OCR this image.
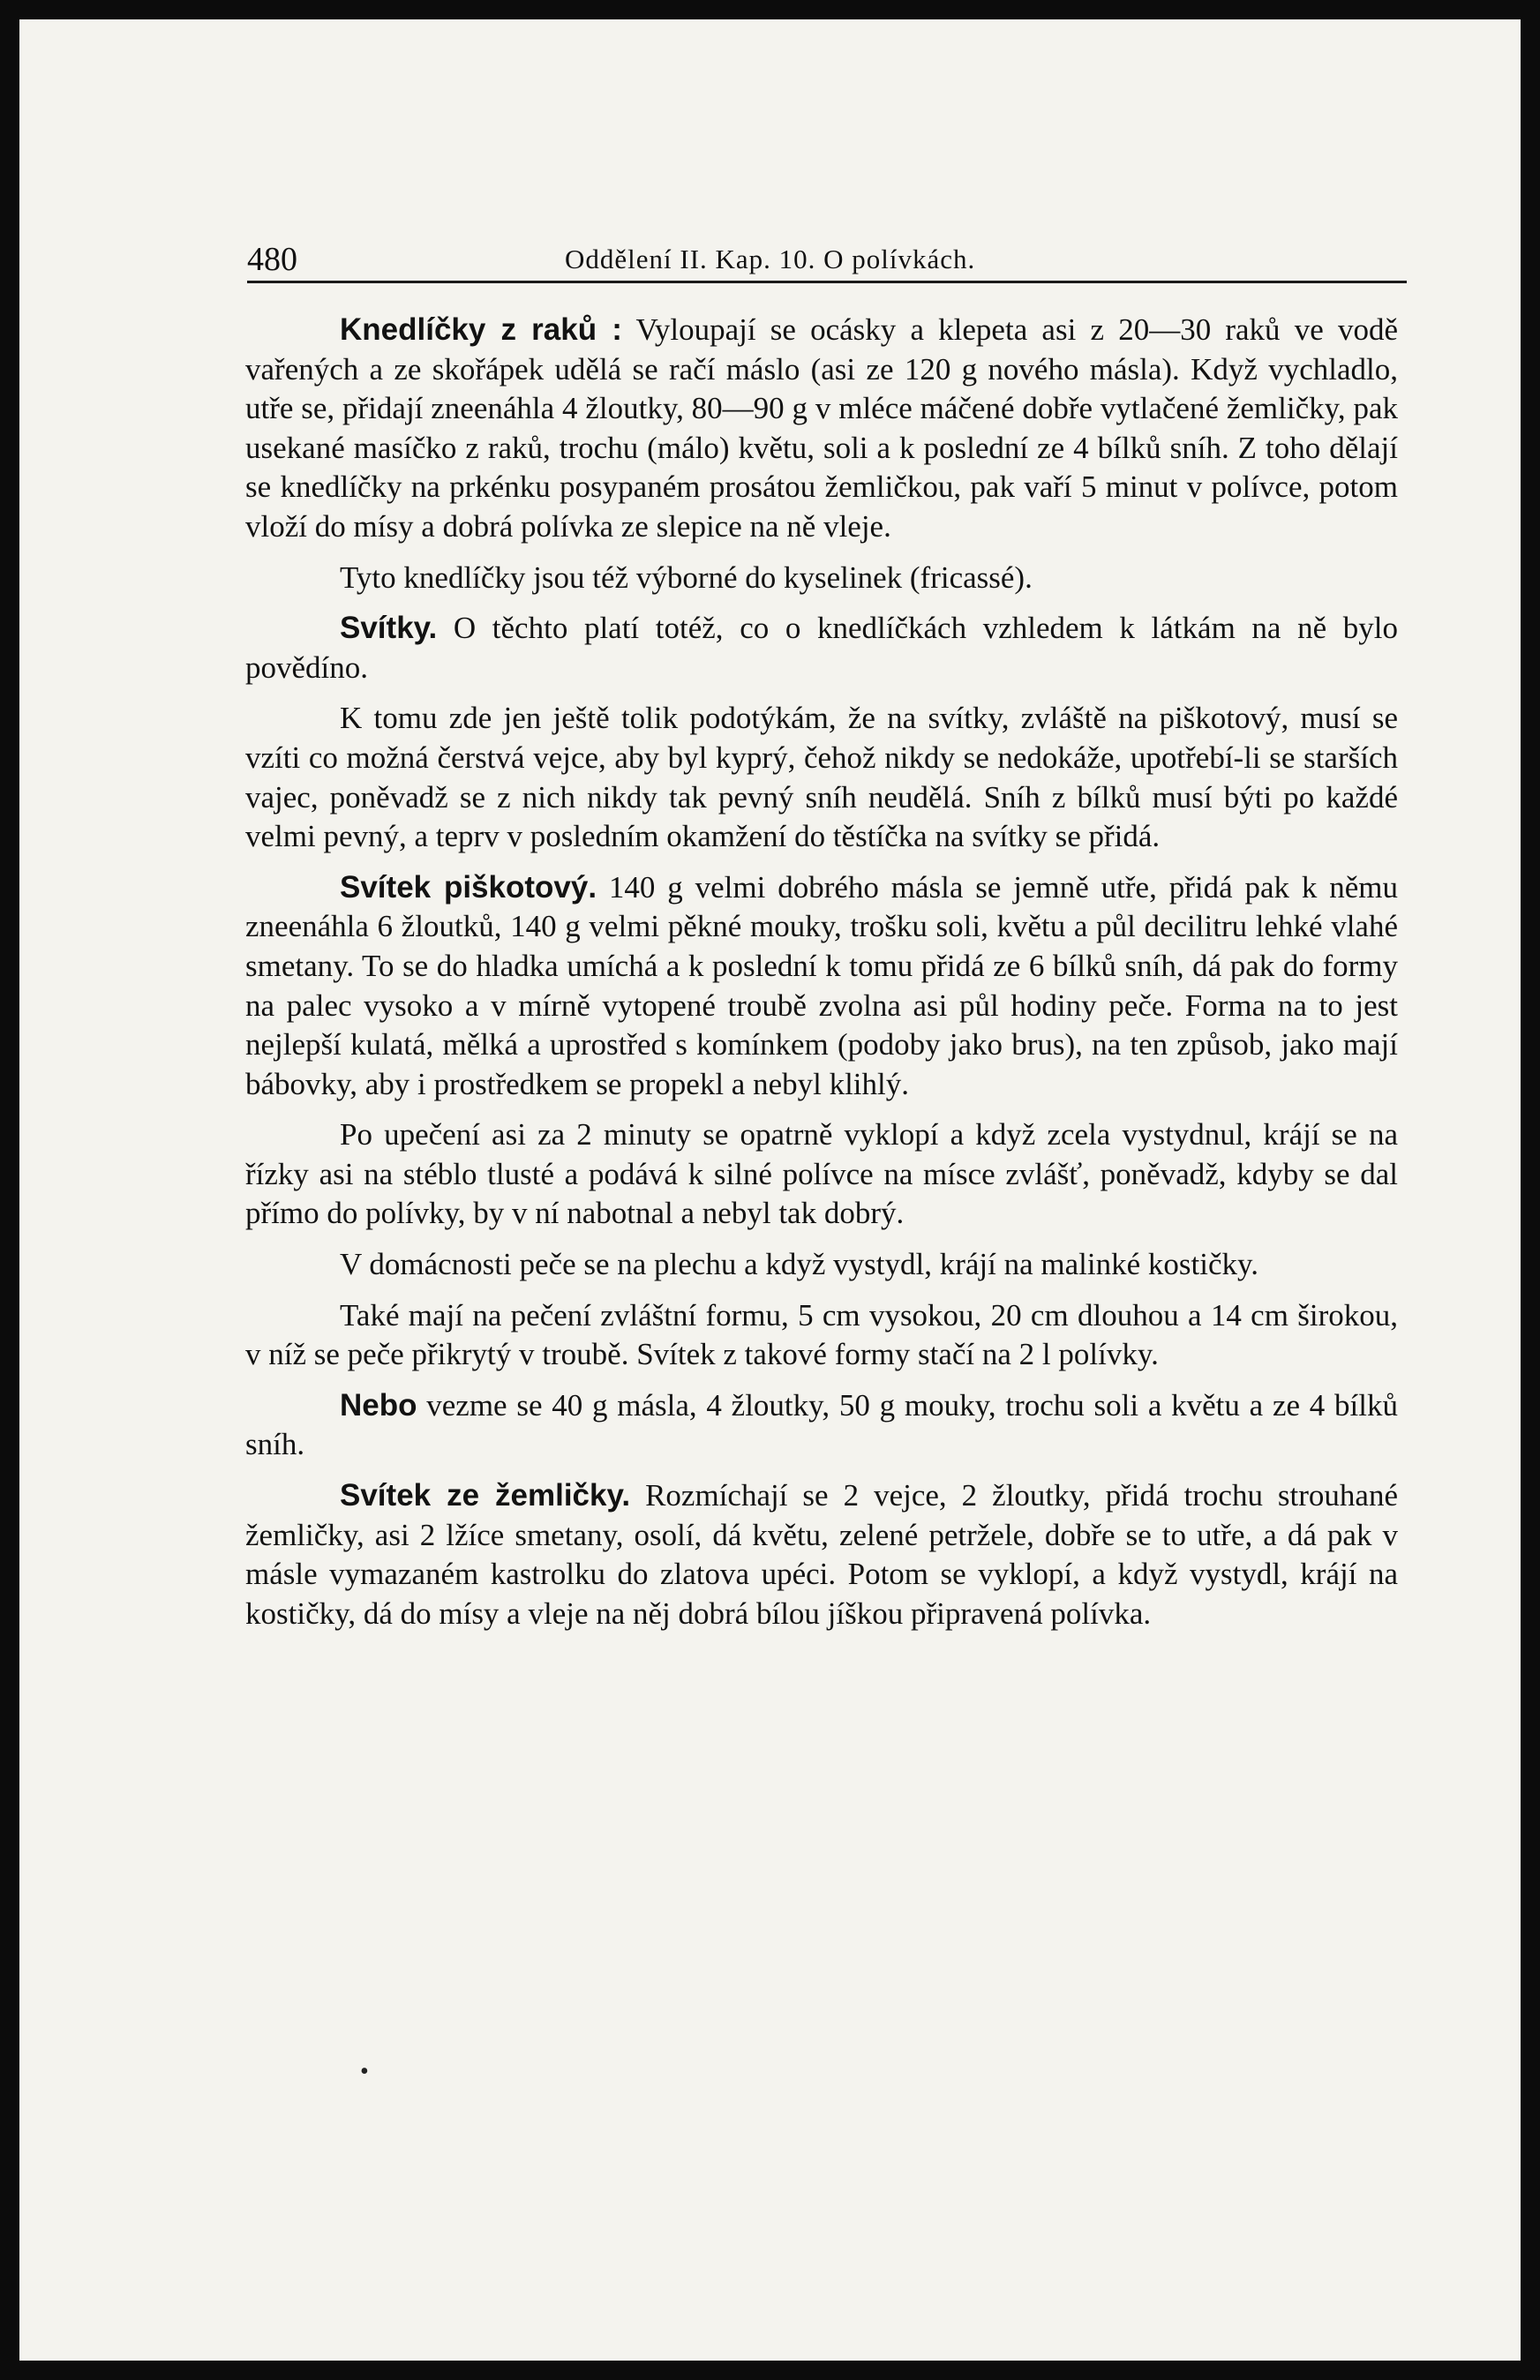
480	Oddělení II. Kap. 10. O polívkách.

Knedlíčky z raků : Vyloupají se ocásky a klepeta asi z 20—30 raků ve vodě vařených a ze skořápek udělá se račí máslo (asi ze 120 g nového másla). Když vychladlo, utře se, přidají zneenáhla 4 žloutky, 80—90 g v mléce máčené dobře vytlačené žemličky, pak usekané masíčko z raků, trochu (málo) květu, soli a k poslední ze 4 bílků sníh. Z toho dělají se knedlíčky na prkénku posypaném prosátou žemličkou, pak vaří 5 minut v polívce, potom vloží do mísy a dobrá polívka ze slepice na ně vleje.

Tyto knedlíčky jsou též výborné do kyselinek (fricassé).

Svítky. O těchto platí totéž, co o knedlíčkách vzhledem k látkám na ně bylo povědíno.

K tomu zde jen ještě tolik podotýkám, že na svítky, zvláště na piškotový, musí se vzíti co možná čerstvá vejce, aby byl kyprý, čehož nikdy se nedokáže, upotřebí-li se starších vajec, poněvadž se z nich nikdy tak pevný sníh neudělá. Sníh z bílků musí býti po každé velmi pevný, a teprv v posledním okamžení do těstíčka na svítky se přidá.

Svítek piškotový. 140 g velmi dobrého másla se jemně utře, přidá pak k němu zneenáhla 6 žloutků, 140 g velmi pěkné mouky, trošku soli, květu a půl decilitru lehké vlahé smetany. To se do hladka umíchá a k poslední k tomu přidá ze 6 bílků sníh, dá pak do formy na palec vysoko a v mírně vytopené troubě zvolna asi půl hodiny peče. Forma na to jest nejlepší kulatá, mělká a uprostřed s komínkem (podoby jako brus), na ten způsob, jako mají bábovky, aby i prostředkem se propekl a nebyl klihlý.

Po upečení asi za 2 minuty se opatrně vyklopí a když zcela vystydnul, krájí se na řízky asi na stéblo tlusté a podává k silné polívce na mísce zvlášť, poněvadž, kdyby se dal přímo do polívky, by v ní nabotnal a nebyl tak dobrý.

V domácnosti peče se na plechu a když vystydl, krájí na malinké kostičky.

Také mají na pečení zvláštní formu, 5 cm vysokou, 20 cm dlouhou a 14 cm širokou, v níž se peče přikrytý v troubě. Svítek z takové formy stačí na 2 l polívky.

Nebo vezme se 40 g másla, 4 žloutky, 50 g mouky, trochu soli a květu a ze 4 bílků sníh.

Svítek ze žemličky. Rozmíchají se 2 vejce, 2 žloutky, přidá trochu strouhané žemličky, asi 2 lžíce smetany, osolí, dá květu, zelené petržele, dobře se to utře, a dá pak v másle vymazaném kastrolku do zlatova upéci. Potom se vyklopí, a když vystydl, krájí na kostičky, dá do mísy a vleje na něj dobrá bílou jíškou připravená polívka.

•
